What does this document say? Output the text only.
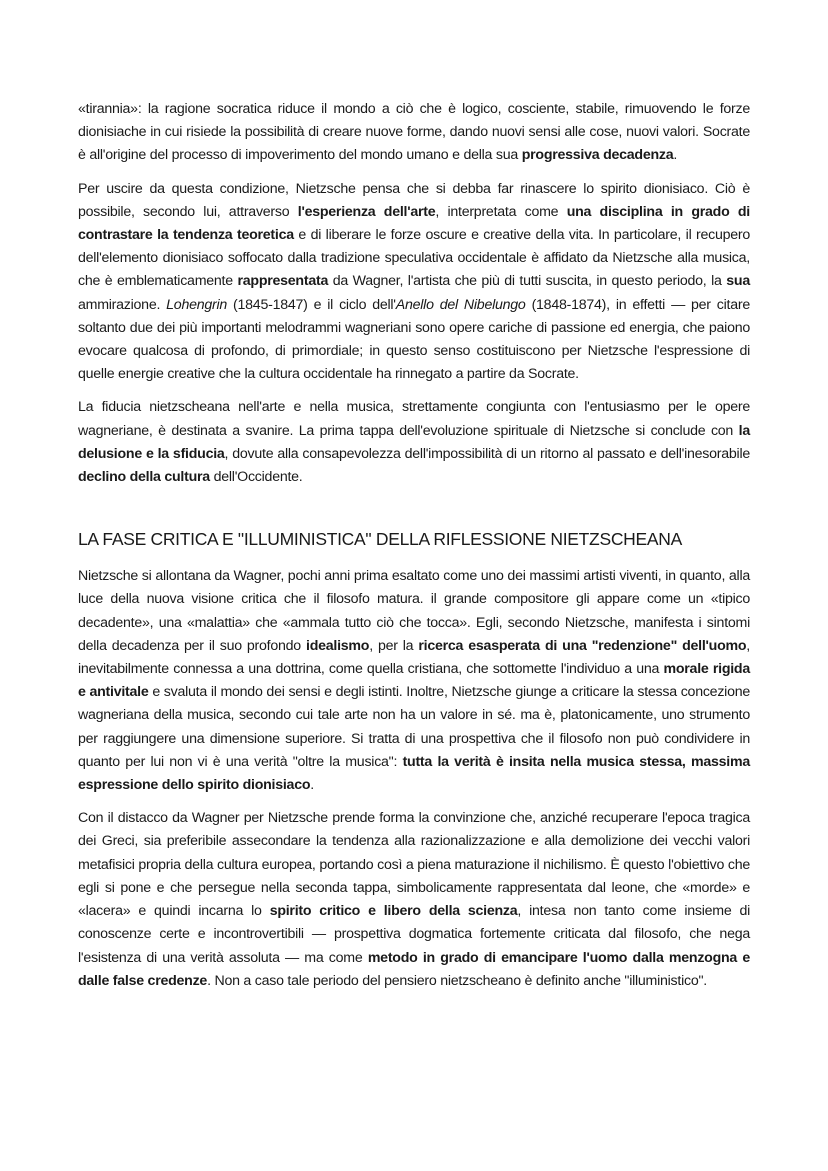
«tirannia»: la ragione socratica riduce il mondo a ciò che è logico, cosciente, stabile, rimuovendo le forze dionisiache in cui risiede la possibilità di creare nuove forme, dando nuovi sensi alle cose, nuovi valori. Socrate è all'origine del processo di impoverimento del mondo umano e della sua progressiva decadenza.

Per uscire da questa condizione, Nietzsche pensa che si debba far rinascere lo spirito dionisiaco. Ciò è possibile, secondo lui, attraverso l'esperienza dell'arte, interpretata come una disciplina in grado di contrastare la tendenza teoretica e di liberare le forze oscure e creative della vita. In particolare, il recupero dell'elemento dionisiaco soffocato dalla tradizione speculativa occidentale è affidato da Nietzsche alla musica, che è emblematicamente rappresentata da Wagner, l'artista che più di tutti suscita, in questo periodo, la sua ammirazione. Lohengrin (1845-1847) e il ciclo dell'Anello del Nibelungo (1848-1874), in effetti — per citare soltanto due dei più importanti melodrammi wagneriani sono opere cariche di passione ed energia, che paiono evocare qualcosa di profondo, di primordiale; in questo senso costituiscono per Nietzsche l'espressione di quelle energie creative che la cultura occidentale ha rinnegato a partire da Socrate.

La fiducia nietzscheana nell'arte e nella musica, strettamente congiunta con l'entusiasmo per le opere wagneriane, è destinata a svanire. La prima tappa dell'evoluzione spirituale di Nietzsche si conclude con la delusione e la sfiducia, dovute alla consapevolezza dell'impossibilità di un ritorno al passato e dell'inesorabile declino della cultura dell'Occidente.

LA FASE CRITICA E "ILLUMINISTICA" DELLA RIFLESSIONE NIETZSCHEANA

Nietzsche si allontana da Wagner, pochi anni prima esaltato come uno dei massimi artisti viventi, in quanto, alla luce della nuova visione critica che il filosofo matura. il grande compositore gli appare come un «tipico decadente», una «malattia» che «ammala tutto ciò che tocca». Egli, secondo Nietzsche, manifesta i sintomi della decadenza per il suo profondo idealismo, per la ricerca esasperata di una "redenzione" dell'uomo, inevitabilmente connessa a una dottrina, come quella cristiana, che sottomette l'individuo a una morale rigida e antivitale e svaluta il mondo dei sensi e degli istinti. Inoltre, Nietzsche giunge a criticare la stessa concezione wagneriana della musica, secondo cui tale arte non ha un valore in sé. ma è, platonicamente, uno strumento per raggiungere una dimensione superiore. Si tratta di una prospettiva che il filosofo non può condividere in quanto per lui non vi è una verità "oltre la musica": tutta la verità è insita nella musica stessa, massima espressione dello spirito dionisiaco.

Con il distacco da Wagner per Nietzsche prende forma la convinzione che, anziché recuperare l'epoca tragica dei Greci, sia preferibile assecondare la tendenza alla razionalizzazione e alla demolizione dei vecchi valori metafisici propria della cultura europea, portando così a piena maturazione il nichilismo. È questo l'obiettivo che egli si pone e che persegue nella seconda tappa, simbolicamente rappresentata dal leone, che «morde» e «lacera» e quindi incarna lo spirito critico e libero della scienza, intesa non tanto come insieme di conoscenze certe e incontrovertibili — prospettiva dogmatica fortemente criticata dal filosofo, che nega l'esistenza di una verità assoluta — ma come metodo in grado di emancipare l'uomo dalla menzogna e dalle false credenze. Non a caso tale periodo del pensiero nietzscheano è definito anche "illuministico".
